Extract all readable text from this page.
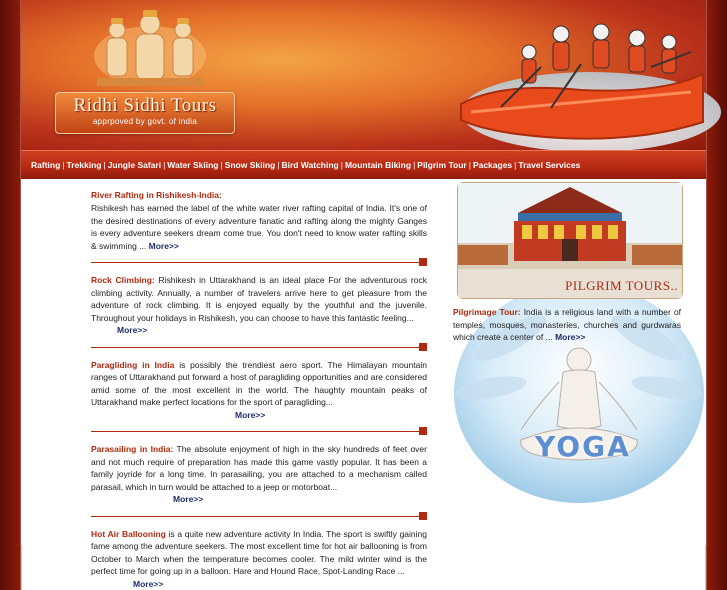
Ridhi Sidhi Tours
apprpoved by govt. of india
Rafting | Trekking | Jungle Safari | Water Skiing | Snow Skiing | Bird Watching | Mountain Biking | Pilgrim Tour | Packages | Travel Services
River Rafting in Rishikesh-India:
Rishikesh has earned the label of the white water river rafting capital of India. It's one of the desired destinations of every adventure fanatic and rafting along the mighty Ganges is every adventure seekers dream come true. You don't need to know water rafting skills & swimming ... More>>
Rock Climbing: Rishikesh in Uttarakhand is an ideal place For the adventurous rock climbing activity. Annually, a number of travelers arrive here to get pleasure from the adventure of rock climbing. It is enjoyed equally by the youthful and the juvenile. Throughout your holidays in Rishikesh, you can choose to have this fantastic feeling...
More>>
Paragliding in India is possibly the trendiest aero sport. The Himalayan mountain ranges of Uttarakhand put forward a host of paragliding opportunities and are considered amid some of the most excellent in the world. The haughty mountain peaks of Uttarakhand make perfect locations for the sport of paragliding...
More>>
Parasailing in India: The absolute enjoyment of high in the sky hundreds of feet over and not much require of preparation has made this game vastly popular. It has been a family joyride for a long time. In parasailing, you are attached to a mechanism called parasail, which in turn would be attached to a jeep or motorboat...
More>>
Hot Air Ballooning is a quite new adventure activity In India. The sport is swiftly gaining fame among the adventure seekers. The most excellent time for hot air ballooning is from October to March when the temperature becomes cooler. The mild winter wind is the perfect time for going up in a balloon. Hare and Hound Race, Spot-Landing Race ...
More>>
PILGRIM TOURS..
Pilgrimage Tour: India is a religious land with a number of temples, mosques, monasteries, churches and gurdwaras which create a center of ... More>>
YOGA
